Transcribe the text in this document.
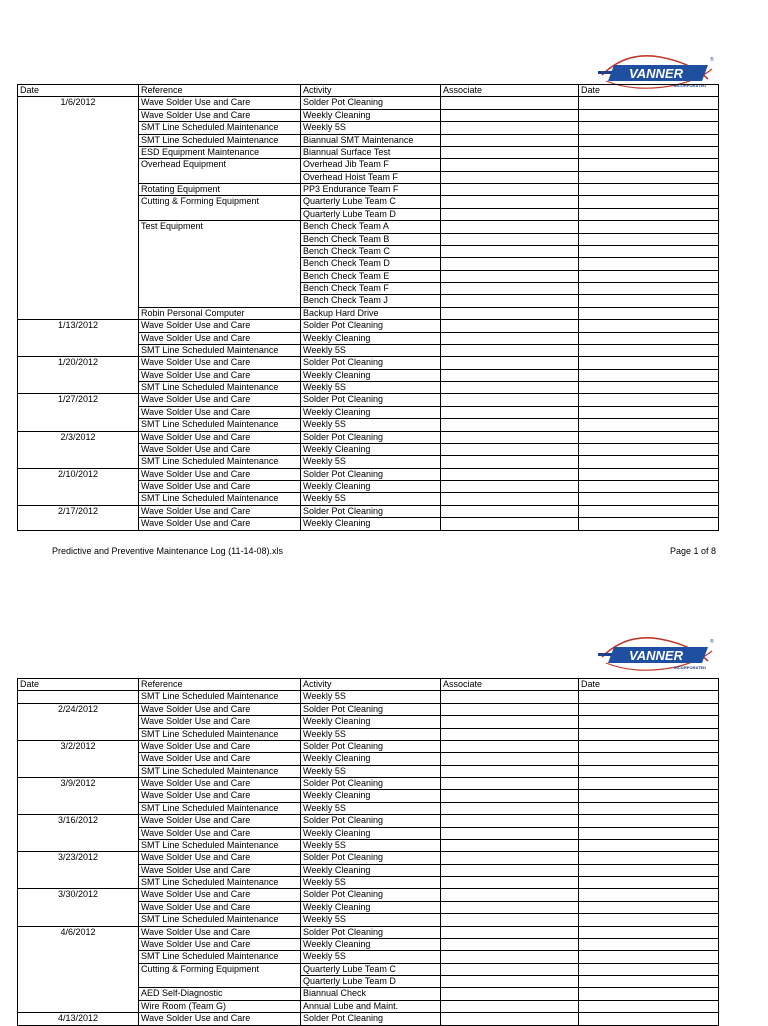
VANNER
INCORPORATED
®
Date	Reference	Activity	Associate	Date
1/6/2012	Wave Solder Use and Care	Solder Pot Cleaning		
	Wave Solder Use and Care	Weekly Cleaning		
	SMT Line Scheduled Maintenance	Weekly 5S		
	SMT Line Scheduled Maintenance	Biannual SMT Maintenance		
	ESD Equipment Maintenance	Biannual Surface Test		
	Overhead Equipment	Overhead Jib Team F		
		Overhead Hoist Team F		
	Rotating Equipment	PP3 Endurance Team F		
	Cutting & Forming Equipment	Quarterly Lube Team C		
		Quarterly Lube Team D		
	Test Equipment	Bench Check Team A		
		Bench Check Team B		
		Bench Check Team C		
		Bench Check Team D		
		Bench Check Team E		
		Bench Check Team F		
		Bench Check Team J		
	Robin Personal Computer	Backup Hard Drive		
1/13/2012	Wave Solder Use and Care	Solder Pot Cleaning		
	Wave Solder Use and Care	Weekly Cleaning		
	SMT Line Scheduled Maintenance	Weekly 5S		
1/20/2012	Wave Solder Use and Care	Solder Pot Cleaning		
	Wave Solder Use and Care	Weekly Cleaning		
	SMT Line Scheduled Maintenance	Weekly 5S		
1/27/2012	Wave Solder Use and Care	Solder Pot Cleaning		
	Wave Solder Use and Care	Weekly Cleaning		
	SMT Line Scheduled Maintenance	Weekly 5S		
2/3/2012	Wave Solder Use and Care	Solder Pot Cleaning		
	Wave Solder Use and Care	Weekly Cleaning		
	SMT Line Scheduled Maintenance	Weekly 5S		
2/10/2012	Wave Solder Use and Care	Solder Pot Cleaning		
	Wave Solder Use and Care	Weekly Cleaning		
	SMT Line Scheduled Maintenance	Weekly 5S		
2/17/2012	Wave Solder Use and Care	Solder Pot Cleaning		
	Wave Solder Use and Care	Weekly Cleaning		
Predictive and Preventive Maintenance Log (11-14-08).xls	Page 1 of 8
VANNER
INCORPORATED
®
Date	Reference	Activity	Associate	Date
	SMT Line Scheduled Maintenance	Weekly 5S		
2/24/2012	Wave Solder Use and Care	Solder Pot Cleaning		
	Wave Solder Use and Care	Weekly Cleaning		
	SMT Line Scheduled Maintenance	Weekly 5S		
3/2/2012	Wave Solder Use and Care	Solder Pot Cleaning		
	Wave Solder Use and Care	Weekly Cleaning		
	SMT Line Scheduled Maintenance	Weekly 5S		
3/9/2012	Wave Solder Use and Care	Solder Pot Cleaning		
	Wave Solder Use and Care	Weekly Cleaning		
	SMT Line Scheduled Maintenance	Weekly 5S		
3/16/2012	Wave Solder Use and Care	Solder Pot Cleaning		
	Wave Solder Use and Care	Weekly Cleaning		
	SMT Line Scheduled Maintenance	Weekly 5S		
3/23/2012	Wave Solder Use and Care	Solder Pot Cleaning		
	Wave Solder Use and Care	Weekly Cleaning		
	SMT Line Scheduled Maintenance	Weekly 5S		
3/30/2012	Wave Solder Use and Care	Solder Pot Cleaning		
	Wave Solder Use and Care	Weekly Cleaning		
	SMT Line Scheduled Maintenance	Weekly 5S		
4/6/2012	Wave Solder Use and Care	Solder Pot Cleaning		
	Wave Solder Use and Care	Weekly Cleaning		
	SMT Line Scheduled Maintenance	Weekly 5S		
	Cutting & Forming Equipment	Quarterly Lube Team C		
		Quarterly Lube Team D		
	AED Self-Diagnostic	Biannual Check		
	Wire Room (Team G)	Annual Lube and Maint.		
4/13/2012	Wave Solder Use and Care	Solder Pot Cleaning		
